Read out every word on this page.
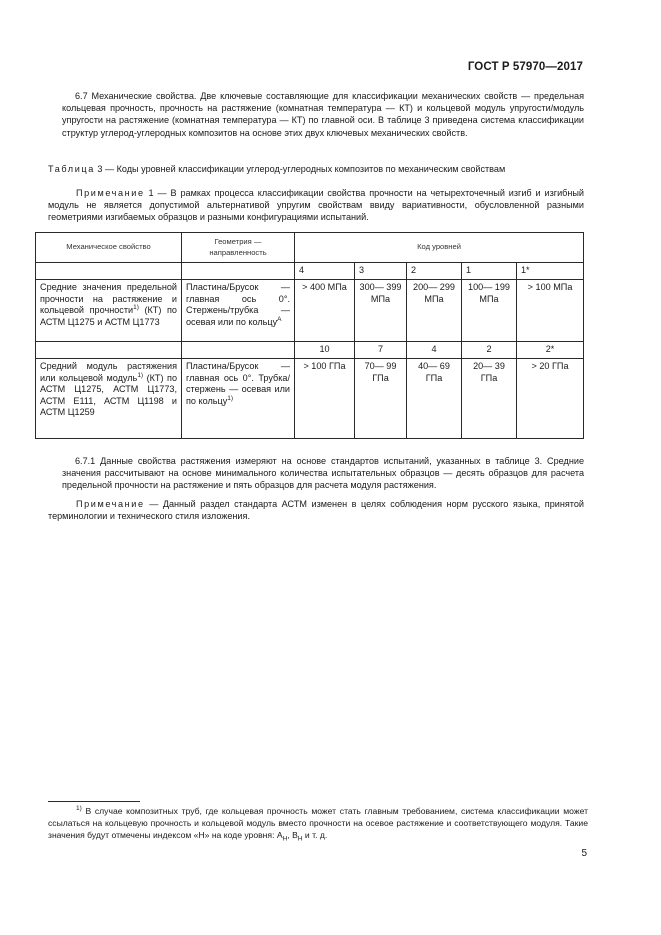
ГОСТ Р 57970—2017

6.7 Механические свойства. Две ключевые составляющие для классификации механических свойств — предельная кольцевая прочность, прочность на растяжение (комнатная температура — КТ) и кольцевой модуль упругости/модуль упругости на растяжение (комнатная температура — КТ) по главной оси. В таблице 3 приведена система классификации структур углерод-углеродных композитов на основе этих двух ключевых механических свойств.

Таблица 3 — Коды уровней классификации углерод-углеродных композитов по механическим свойствам

Примечание 1 — В рамках процесса классификации свойства прочности на четырехточечный изгиб и изгибный модуль не является допустимой альтернативой упругим свойствам ввиду вариативности, обусловленной разными геометриями изгибаемых образцов и разными конфигурациями испытаний.

Механическое свойство	Геометрия — направленность	Код уровней				
		4	3	2	1	1*
Средние значения предельной прочности на растяжение и кольцевой прочности$^{1)}$ (КТ) по АСТМ Ц1275 и АСТМ Ц1773	Пластина/Брусок — главная ось 0°. Стержень/трубка — осевая или по кольцу$^A$	> 400 МПа	300— 399 МПа	200— 299 МПа	100— 199 МПа	> 100 МПа
		10	7	4	2	2*
Средний модуль растяжения или кольцевой модуль$^{1)}$ (КТ) по АСТМ Ц1275, АСТМ Ц1773, АСТМ Е111, АСТМ Ц1198 и АСТМ Ц1259	Пластина/Брусок — главная ось 0°. Трубка/стержень — осевая или по кольцу$^{1)}$	> 100 ГПа	70— 99 ГПа	40— 69 ГПа	20— 39 ГПа	> 20 ГПа

6.7.1 Данные свойства растяжения измеряют на основе стандартов испытаний, указанных в таблице 3. Средние значения рассчитывают на основе минимального количества испытательных образцов — десять образцов для расчета предельной прочности на растяжение и пять образцов для расчета модуля растяжения.

Примечание — Данный раздел стандарта АСТМ изменен в целях соблюдения норм русского языка, принятой терминологии и технического стиля изложения.

$^{1)}$ В случае композитных труб, где кольцевая прочность может стать главным требованием, система классификации может ссылаться на кольцевую прочность и кольцевой модуль вместо прочности на осевое растяжение и соответствующего модуля. Такие значения будут отмечены индексом «Н» на коде уровня: $A_H$, $B_H$ и т. д.

5
